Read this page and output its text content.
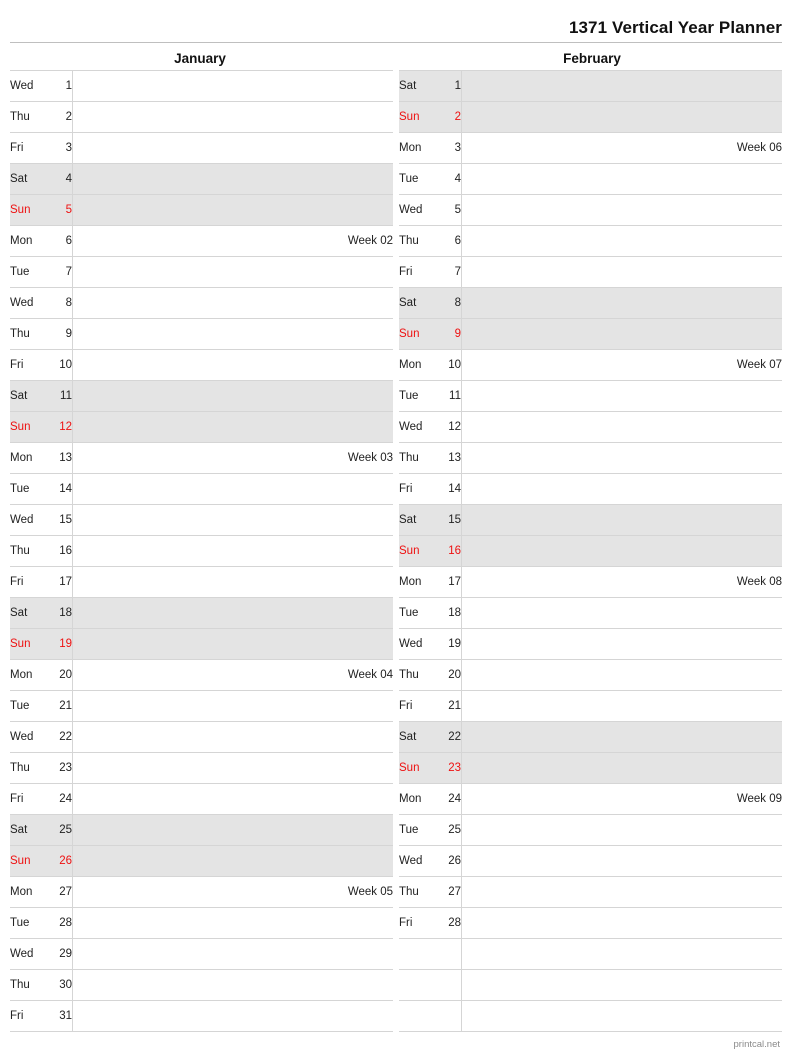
1371 Vertical Year Planner
January	February
Wed	1	
Thu	2	
Fri	3	
Sat	4	
Sun	5	
Mon	6	Week 02
Tue	7	
Wed	8	
Thu	9	
Fri	10	
Sat	11	
Sun	12	
Mon	13	Week 03
Tue	14	
Wed	15	
Thu	16	
Fri	17	
Sat	18	
Sun	19	
Mon	20	Week 04
Tue	21	
Wed	22	
Thu	23	
Fri	24	
Sat	25	
Sun	26	
Mon	27	Week 05
Tue	28	
Wed	29	
Thu	30	
Fri	31	
Sat	1	
Sun	2	
Mon	3	Week 06
Tue	4	
Wed	5	
Thu	6	
Fri	7	
Sat	8	
Sun	9	
Mon	10	Week 07
Tue	11	
Wed	12	
Thu	13	
Fri	14	
Sat	15	
Sun	16	
Mon	17	Week 08
Tue	18	
Wed	19	
Thu	20	
Fri	21	
Sat	22	
Sun	23	
Mon	24	Week 09
Tue	25	
Wed	26	
Thu	27	
Fri	28	

printcal.net
